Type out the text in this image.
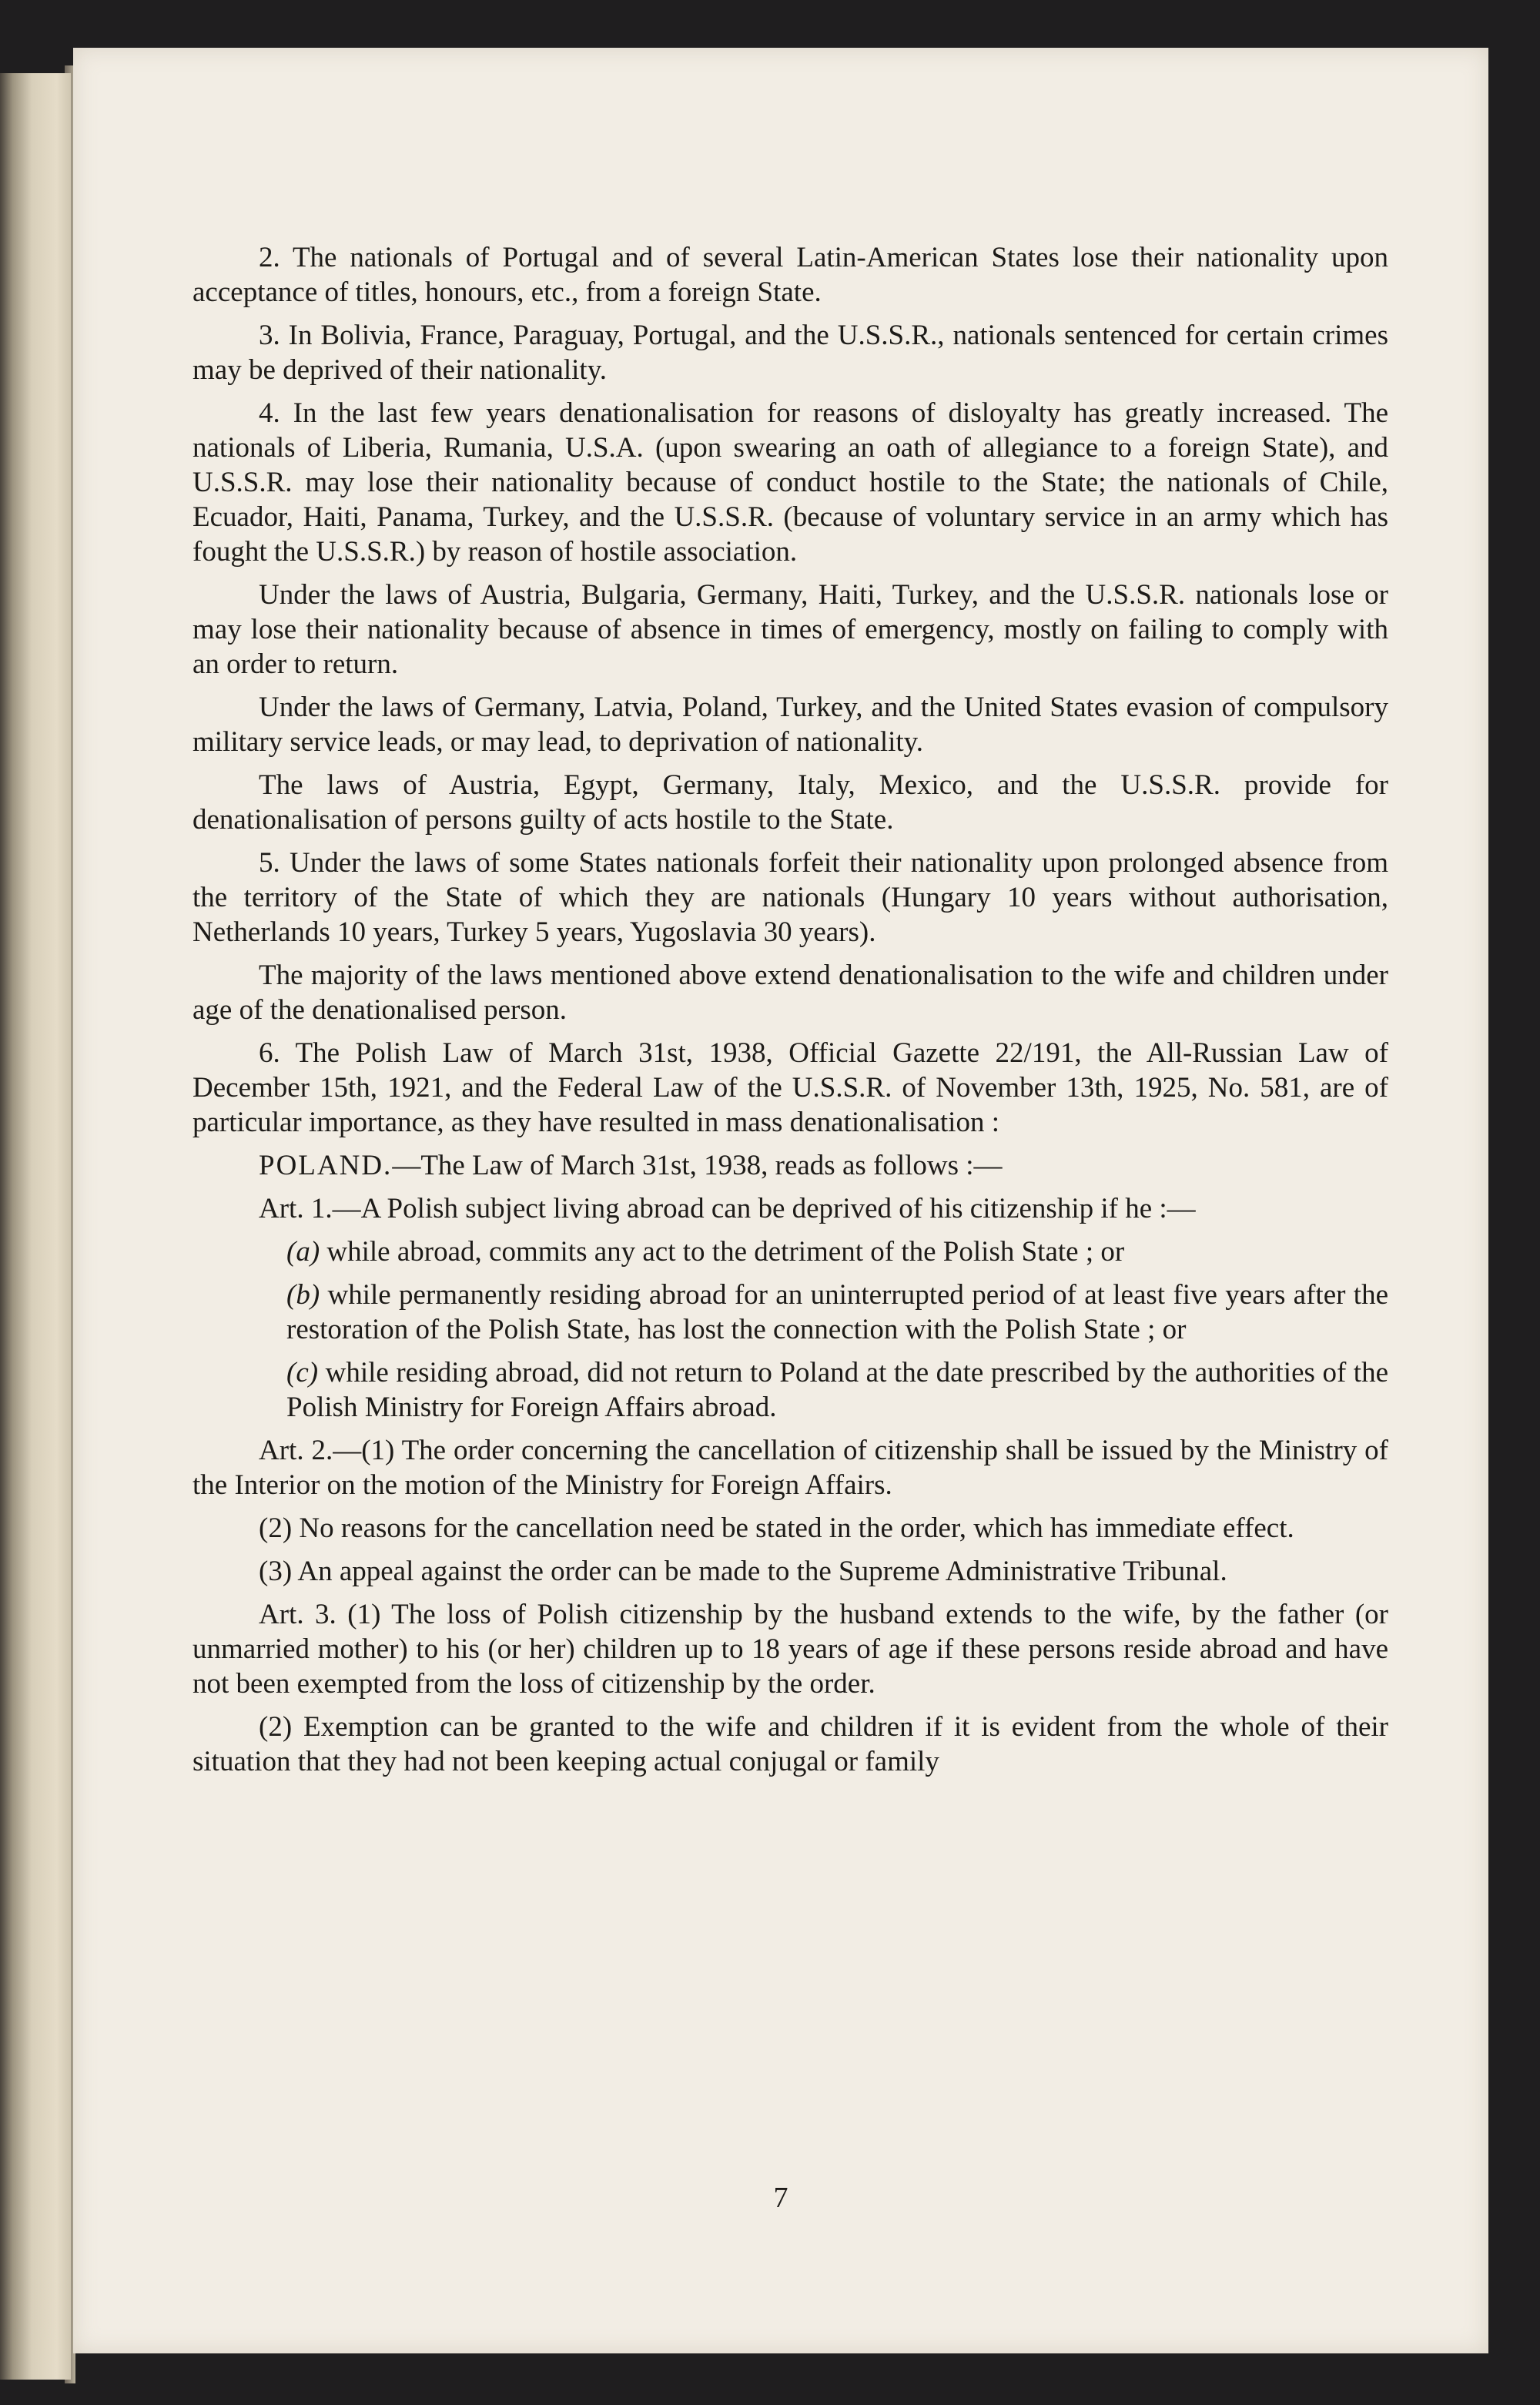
2. The nationals of Portugal and of several Latin-American States lose their nationality upon acceptance of titles, honours, etc., from a foreign State.

3. In Bolivia, France, Paraguay, Portugal, and the U.S.S.R., nationals sentenced for certain crimes may be deprived of their nationality.

4. In the last few years denationalisation for reasons of disloyalty has greatly increased. The nationals of Liberia, Rumania, U.S.A. (upon swearing an oath of allegiance to a foreign State), and U.S.S.R. may lose their nationality because of conduct hostile to the State; the nationals of Chile, Ecuador, Haiti, Panama, Turkey, and the U.S.S.R. (because of voluntary service in an army which has fought the U.S.S.R.) by reason of hostile association.

Under the laws of Austria, Bulgaria, Germany, Haiti, Turkey, and the U.S.S.R. nationals lose or may lose their nationality because of absence in times of emergency, mostly on failing to comply with an order to return.

Under the laws of Germany, Latvia, Poland, Turkey, and the United States evasion of compulsory military service leads, or may lead, to deprivation of nationality.

The laws of Austria, Egypt, Germany, Italy, Mexico, and the U.S.S.R. provide for denationalisation of persons guilty of acts hostile to the State.

5. Under the laws of some States nationals forfeit their nationality upon prolonged absence from the territory of the State of which they are nationals (Hungary 10 years without authorisation, Netherlands 10 years, Turkey 5 years, Yugoslavia 30 years).

The majority of the laws mentioned above extend denationalisation to the wife and children under age of the denationalised person.

6. The Polish Law of March 31st, 1938, Official Gazette 22/191, the All-Russian Law of December 15th, 1921, and the Federal Law of the U.S.S.R. of November 13th, 1925, No. 581, are of particular importance, as they have resulted in mass denationalisation :

POLAND.—The Law of March 31st, 1938, reads as follows :—

Art. 1.—A Polish subject living abroad can be deprived of his citizenship if he :—

(a) while abroad, commits any act to the detriment of the Polish State ; or

(b) while permanently residing abroad for an uninterrupted period of at least five years after the restoration of the Polish State, has lost the connection with the Polish State ; or

(c) while residing abroad, did not return to Poland at the date prescribed by the authorities of the Polish Ministry for Foreign Affairs abroad.

Art. 2.—(1) The order concerning the cancellation of citizenship shall be issued by the Ministry of the Interior on the motion of the Ministry for Foreign Affairs.

(2) No reasons for the cancellation need be stated in the order, which has immediate effect.

(3) An appeal against the order can be made to the Supreme Administrative Tribunal.

Art. 3. (1) The loss of Polish citizenship by the husband extends to the wife, by the father (or unmarried mother) to his (or her) children up to 18 years of age if these persons reside abroad and have not been exempted from the loss of citizenship by the order.

(2) Exemption can be granted to the wife and children if it is evident from the whole of their situation that they had not been keeping actual conjugal or family

7
